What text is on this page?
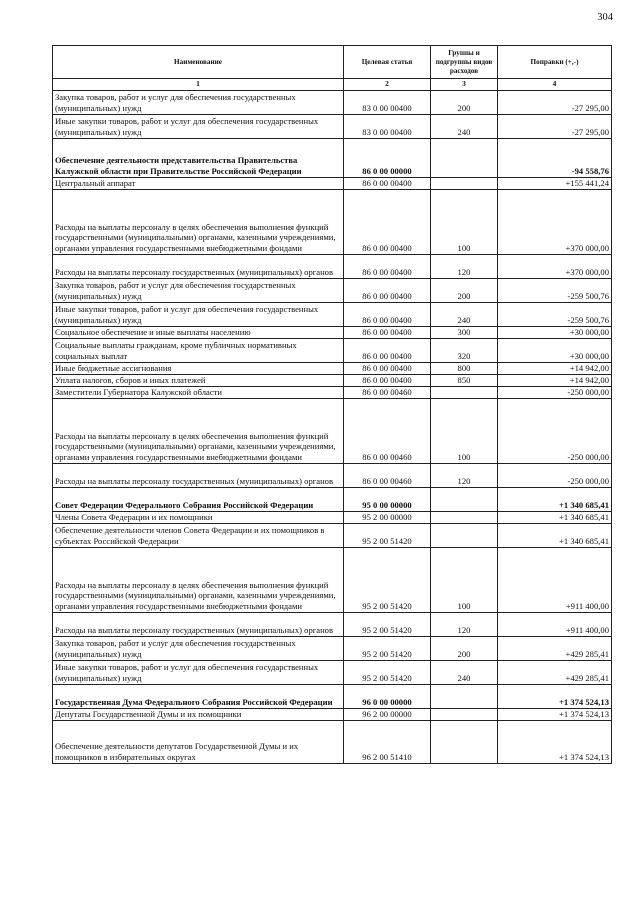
304
Наименование	Целевая статья	Группы и подгруппы видов расходов	Поправки (+,-)
1	2	3	4
Закупка товаров, работ и услуг для обеспечения государственных (муниципальных) нужд	83 0 00 00400	200	-27 295,00
Иные закупки товаров, работ и услуг для обеспечения государственных (муниципальных) нужд	83 0 00 00400	240	-27 295,00
Обеспечение деятельности представительства Правительства Калужской области при Правительстве Российской Федерации	86 0 00 00000		-94 558,76
Центральный аппарат	86 0 00 00400		+155 441,24
Расходы на выплаты персоналу в целях обеспечения выполнения функций государственными (муниципальными) органами, казенными учреждениями, органами управления государственными внебюджетными фондами	86 0 00 00400	100	+370 000,00
Расходы на выплаты персоналу государственных (муниципальных) органов	86 0 00 00400	120	+370 000,00
Закупка товаров, работ и услуг для обеспечения государственных (муниципальных) нужд	86 0 00 00400	200	-259 500,76
Иные закупки товаров, работ и услуг для обеспечения государственных (муниципальных) нужд	86 0 00 00400	240	-259 500,76
Социальное обеспечение и иные выплаты населению	86 0 00 00400	300	+30 000,00
Социальные выплаты гражданам, кроме публичных нормативных социальных выплат	86 0 00 00400	320	+30 000,00
Иные бюджетные ассигнования	86 0 00 00400	800	+14 942,00
Уплата налогов, сборов и иных платежей	86 0 00 00400	850	+14 942,00
Заместители Губернатора Калужской области	86 0 00 00460		-250 000,00
Расходы на выплаты персоналу в целях обеспечения выполнения функций государственными (муниципальными) органами, казенными учреждениями, органами управления государственными внебюджетными фондами	86 0 00 00460	100	-250 000,00
Расходы на выплаты персоналу государственных (муниципальных) органов	86 0 00 00460	120	-250 000,00
Совет Федерации Федерального Собрания Российской Федерации	95 0 00 00000		+1 340 685,41
Члены Совета Федерации и их помощники	95 2 00 00000		+1 340 685,41
Обеспечение деятельности членов Совета Федерации и их помощников в субъектах Российской Федерации	95 2 00 51420		+1 340 685,41
Расходы на выплаты персоналу в целях обеспечения выполнения функций государственными (муниципальными) органами, казенными учреждениями, органами управления государственными внебюджетными фондами	95 2 00 51420	100	+911 400,00
Расходы на выплаты персоналу государственных (муниципальных) органов	95 2 00 51420	120	+911 400,00
Закупка товаров, работ и услуг для обеспечения государственных (муниципальных) нужд	95 2 00 51420	200	+429 285,41
Иные закупки товаров, работ и услуг для обеспечения государственных (муниципальных) нужд	95 2 00 51420	240	+429 285,41
Государственная Дума Федерального Собрания Российской Федерации	96 0 00 00000		+1 374 524,13
Депутаты Государственной Думы и их помощники	96 2 00 00000		+1 374 524,13
Обеспечение деятельности депутатов Государственной Думы и их помощников в избирательных округах	96 2 00 51410		+1 374 524,13
